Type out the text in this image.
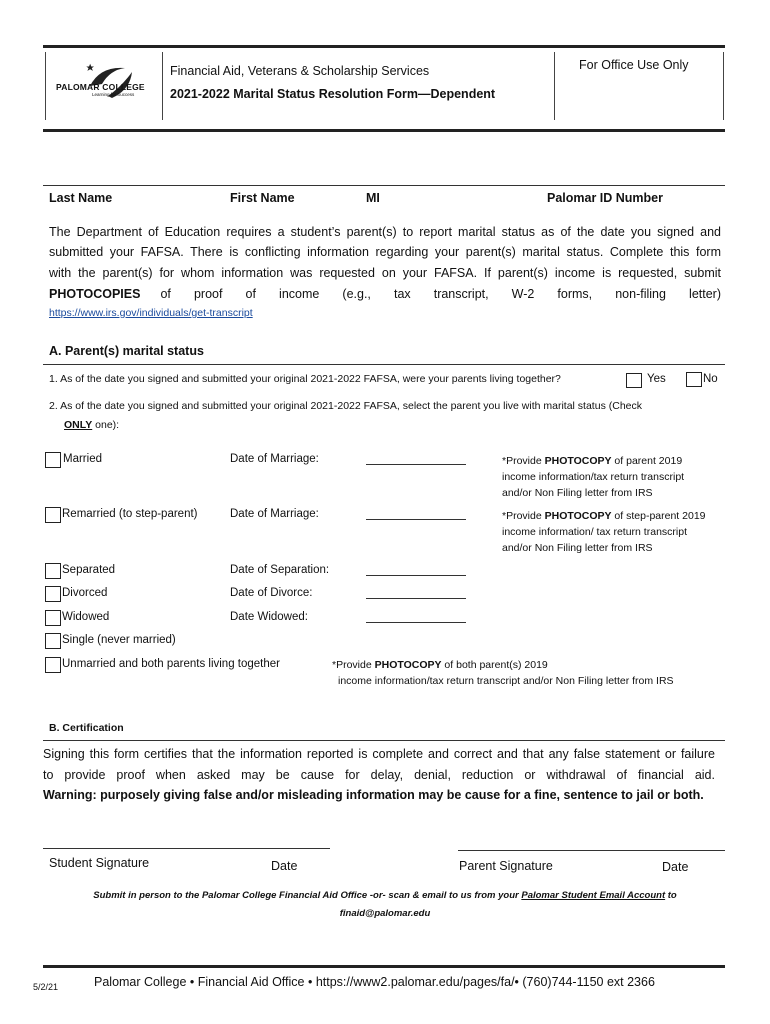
PALOMAR COLLEGE
Learning for Success
Financial Aid, Veterans & Scholarship Services
2021-2022 Marital Status Resolution Form—Dependent
For Office Use Only
Last Name	First Name	MI	Palomar ID Number
The Department of Education requires a student’s parent(s) to report marital status as of the date you signed and
submitted your FAFSA. There is conflicting information regarding your parent(s) marital status. Complete this form
with the parent(s) for whom information was requested on your FAFSA. If parent(s) income is requested, submit
PHOTOCOPIES of proof of income (e.g., tax transcript, W-2 forms, non-filing letter)
https://www.irs.gov/individuals/get-transcript
A. Parent(s) marital status
1. As of the date you signed and submitted your original 2021-2022 FAFSA, were your parents living together?	Yes	No
2. As of the date you signed and submitted your original 2021-2022 FAFSA, select the parent you live with marital status (Check
ONLY one):
Married	Date of Marriage:	*Provide PHOTOCOPY of parent 2019
income information/tax return transcript
and/or Non Filing letter from IRS
Remarried (to step-parent)	Date of Marriage:	*Provide PHOTOCOPY of step-parent 2019
income information/ tax return transcript
and/or Non Filing letter from IRS
Separated	Date of Separation:
Divorced	Date of Divorce:
Widowed	Date Widowed:
Single (never married)
Unmarried and both parents living together	*Provide PHOTOCOPY of both parent(s) 2019
income information/tax return transcript and/or Non Filing letter from IRS
B. Certification
Signing this form certifies that the information reported is complete and correct and that any false statement or failure
to provide proof when asked may be cause for delay, denial, reduction or withdrawal of financial aid.
Warning: purposely giving false and/or misleading information may be cause for a fine, sentence to jail or both.
Student Signature	Date	Parent Signature	Date
Submit in person to the Palomar College Financial Aid Office -or- scan & email to us from your Palomar Student Email Account to
finaid@palomar.edu
5/2/21	Palomar College • Financial Aid Office • https://www2.palomar.edu/pages/fa/• (760)744-1150 ext 2366
